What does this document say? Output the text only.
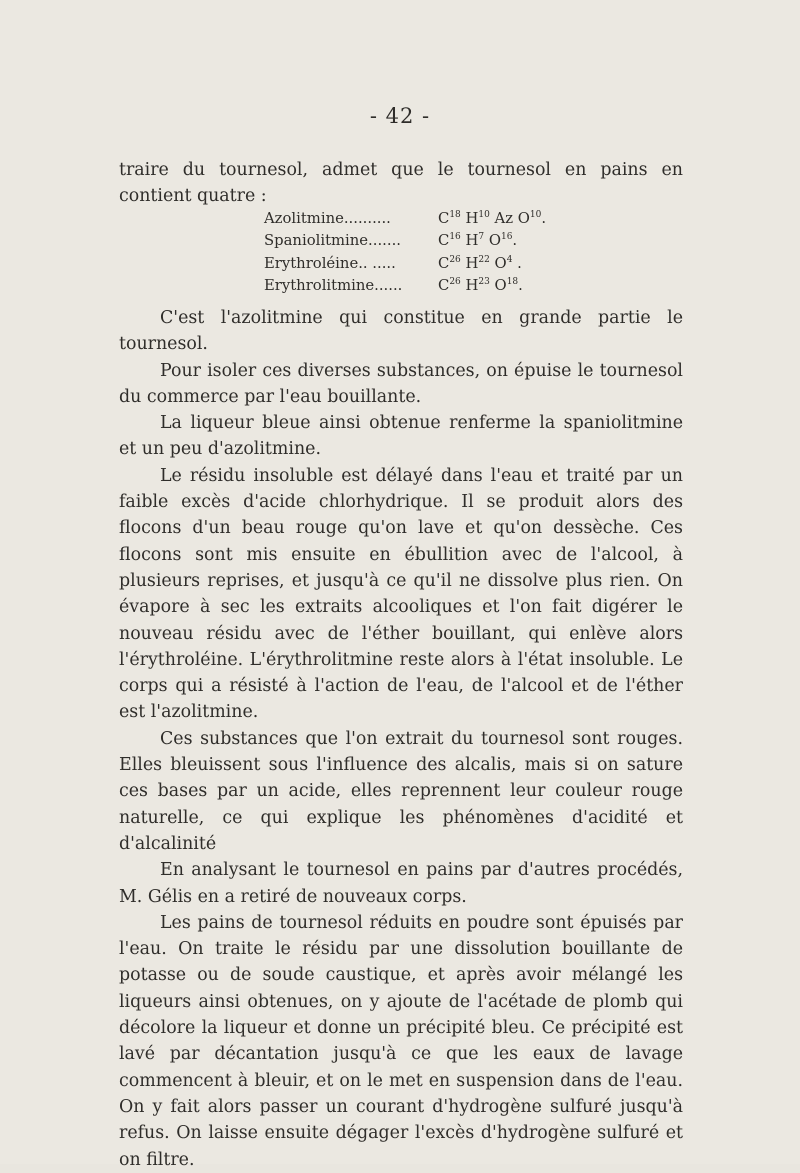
- 42 -

traire du tournesol, admet que le tournesol en pains en contient quatre :

Azolitmine..........	$C^{18}$ $H^{10}$ Az $O^{10}$.
Spaniolitmine.......	$C^{16}$ $H^7$ $O^{16}$.
Erythroléine.. .....	$C^{26}$ $H^{22}$ $O^4$ .
Erythrolitmine......	$C^{26}$ $H^{23}$ $O^{18}$.

C'est l'azolitmine qui constitue en grande partie le tournesol.

Pour isoler ces diverses substances, on épuise le tournesol du commerce par l'eau bouillante.

La liqueur bleue ainsi obtenue renferme la spaniolitmine et un peu d'azolitmine.

Le résidu insoluble est délayé dans l'eau et traité par un faible excès d'acide chlorhydrique. Il se produit alors des flocons d'un beau rouge qu'on lave et qu'on dessèche. Ces flocons sont mis ensuite en ébullition avec de l'alcool, à plusieurs reprises, et jusqu'à ce qu'il ne dissolve plus rien. On évapore à sec les extraits alcooliques et l'on fait digérer le nouveau résidu avec de l'éther bouillant, qui enlève alors l'érythroléine. L'érythrolitmine reste alors à l'état insoluble. Le corps qui a résisté à l'action de l'eau, de l'alcool et de l'éther est l'azolitmine.

Ces substances que l'on extrait du tournesol sont rouges. Elles bleuissent sous l'influence des alcalis, mais si on sature ces bases par un acide, elles reprennent leur couleur rouge naturelle, ce qui explique les phénomènes d'acidité et d'alcalinité

En analysant le tournesol en pains par d'autres procédés, M. Gélis en a retiré de nouveaux corps.

Les pains de tournesol réduits en poudre sont épuisés par l'eau. On traite le résidu par une dissolution bouillante de potasse ou de soude caustique, et après avoir mélangé les liqueurs ainsi obtenues, on y ajoute de l'acétade de plomb qui décolore la liqueur et donne un précipité bleu. Ce précipité est lavé par décantation jusqu'à ce que les eaux de lavage commencent à bleuir, et on le met en suspension dans de l'eau. On y fait alors passer un courant d'hydrogène sulfuré jusqu'à refus. On laisse ensuite dégager l'excès d'hydrogène sulfuré et on filtre.
